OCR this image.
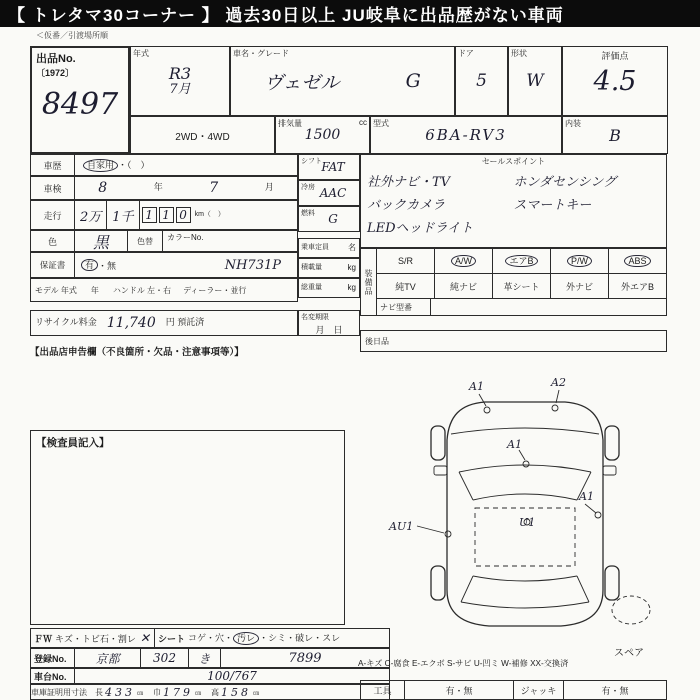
【 トレタマ30コーナー 】 過去30日以上 JU岐阜に出品歴がない車両
＜仮番／引渡場所順
出品No.
〔1972〕
8497
年式
R3
7月
車名・グレード
ヴェゼル	G
ドア
5
形状
W
2WD・4WD
排気量	cc
1500
型式
6BA-RV3
評価点
4.5
内装
B
車歴	自家用 ・（　）
車検	8	年	7	月
走行	2万 1千 1 1 0	km（　）
色	黒	色替	カラーNo.
保証書	有	・ 無	NH731P
モデル 年式 年 ハンドル 左・右 ディーラー・並行
リサイクル料金 11,740 円 預託済
【出品店申告欄（不良箇所・欠品・注意事項等）】
シフト FAT
冷房 AAC
燃料 G
乗車定員 名
積載量	kg
総重量	kg
名変期限
月　日
セールスポイント
社外ナビ・TV	ホンダセンシング
バックカメラ	スマートキー
LEDヘッドライト
装備品
S/R	A/W	エアB	P/W	ABS
純TV	純ナビ	革シート	外ナビ	外エアB
ナビ型番
後日品
【検査員記入】
A1	A2
A1
U1
A1
AU1
スペア
ＦＷ キズ	・ トビ石	・ 割レ ✕ シート コゲ	・ 穴	・ 汚レ	・ シミ	・ 破レ	・ スレ
登録No.	京都	302	き	7899
車台No.	100/767
車庫証明用寸法	長 433 ㎝ 巾 179 ㎝ 高 158 ㎝
A-キズ C-腐食 E-エクボ S-サビ U-凹ミ W-補修 XX-交換済
工具	有・無	ジャッキ	有・無
